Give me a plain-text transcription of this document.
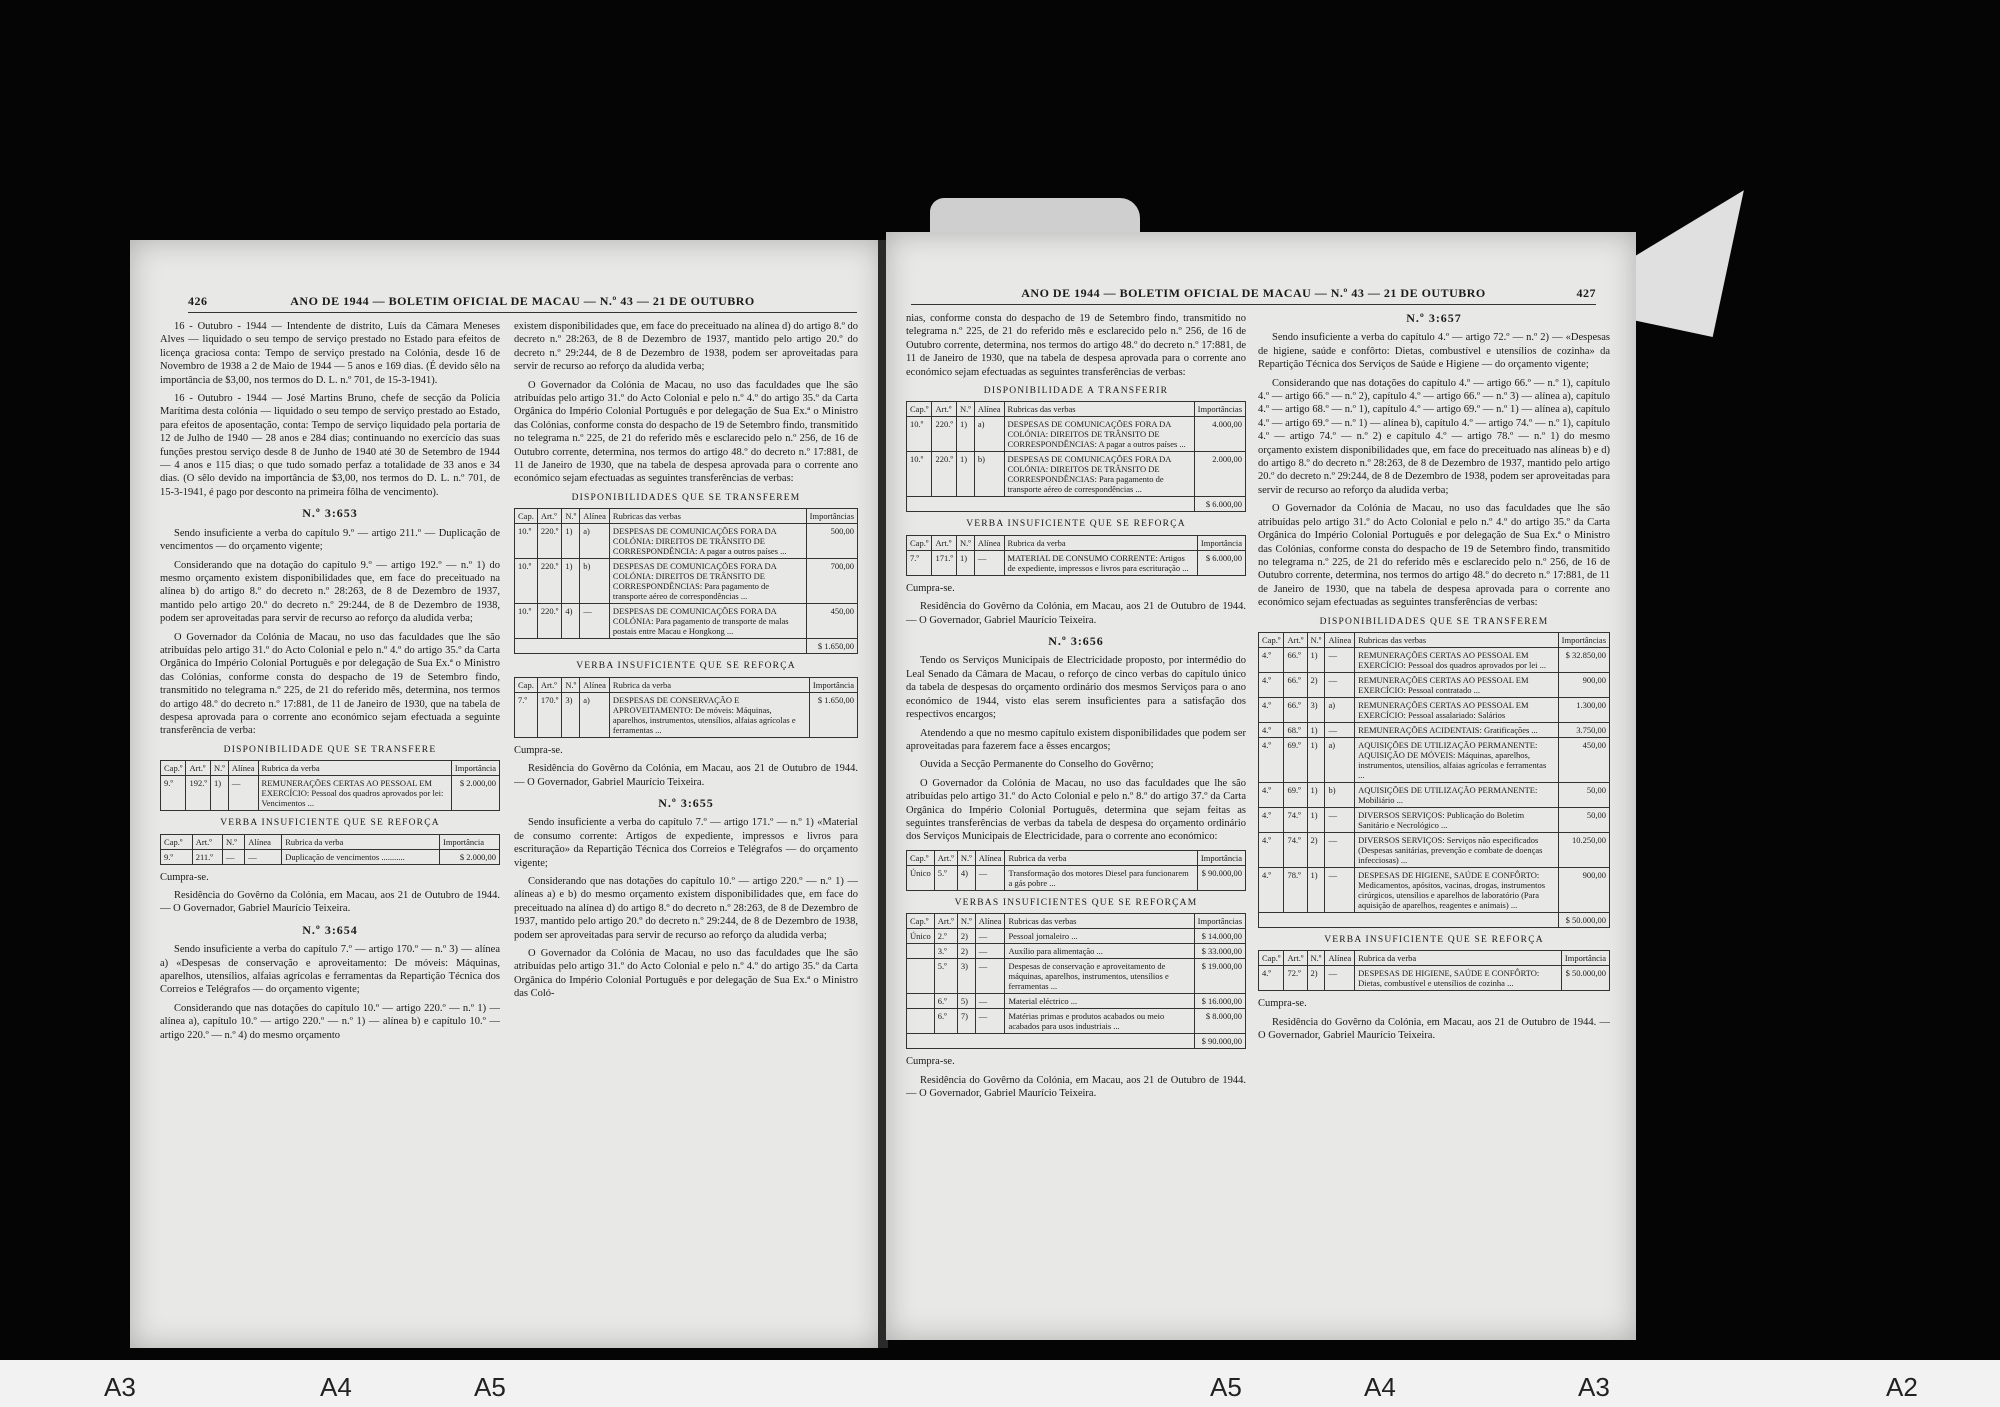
426	ANO DE 1944 — BOLETIM OFICIAL DE MACAU — N.º 43 — 21 DE OUTUBRO

16 - Outubro - 1944 — Intendente de distrito, Luís da Câmara Meneses Alves — liquidado o seu tempo de serviço prestado no Estado para efeitos de licença graciosa conta: Tempo de serviço prestado na Colónia, desde 16 de Novembro de 1938 a 2 de Maio de 1944 — 5 anos e 169 dias. (É devido sêlo na importância de $3,00, nos termos do D. L. n.º 701, de 15-3-1941).

16 - Outubro - 1944 — José Martins Bruno, chefe de secção da Polícia Marítima desta colónia — liquidado o seu tempo de serviço prestado ao Estado, para efeitos de aposentação, conta: Tempo de serviço liquidado pela portaria de 12 de Julho de 1940 — 28 anos e 284 dias; continuando no exercício das suas funções prestou serviço desde 8 de Junho de 1940 até 30 de Setembro de 1944 — 4 anos e 115 dias; o que tudo somado perfaz a totalidade de 33 anos e 34 dias. (O sêlo devido na importância de $3,00, nos termos do D. L. n.º 701, de 15-3-1941, é pago por desconto na primeira fôlha de vencimento).

N.º 3:653

Sendo insuficiente a verba do capítulo 9.º — artigo 211.º — Duplicação de vencimentos — do orçamento vigente;

Considerando que na dotação do capítulo 9.º — artigo 192.º — n.º 1) do mesmo orçamento existem disponibilidades que, em face do preceituado na alínea b) do artigo 8.º do decreto n.º 28:263, de 8 de Dezembro de 1937, mantido pelo artigo 20.º do decreto n.º 29:244, de 8 de Dezembro de 1938, podem ser aproveitadas para servir de recurso ao reforço da aludida verba;

O Governador da Colónia de Macau, no uso das faculdades que lhe são atribuídas pelo artigo 31.º do Acto Colonial e pelo n.º 4.º do artigo 35.º da Carta Orgânica do Império Colonial Português e por delegação de Sua Ex.ª o Ministro das Colónias, conforme consta do despacho de 19 de Setembro findo, transmitido no telegrama n.º 225, de 21 do referido mês, determina, nos termos do artigo 48.º do decreto n.º 17:881, de 11 de Janeiro de 1930, que na tabela de despesa aprovada para o corrente ano económico sejam efectuada a seguinte transferência de verba:

DISPONIBILIDADE QUE SE TRANSFERE
Cap.º	Art.º	N.º	Alínea	Rubrica da verba	Importância
9.º	192.º	1)	—	REMUNERAÇÕES CERTAS AO PESSOAL EM EXERCÍCIO: Pessoal dos quadros aprovados por lei: Vencimentos ...	$ 2.000,00
VERBA INSUFICIENTE QUE SE REFORÇA
Cap.º	Art.º	N.º	Alínea	Rubrica da verba	Importância
9.º	211.º	—	—	Duplicação de vencimentos ...........	$ 2.000,00

Cumpra-se.

Residência do Govêrno da Colónia, em Macau, aos 21 de Outubro de 1944. — O Governador, Gabriel Maurício Teixeira.

N.º 3:654

Sendo insuficiente a verba do capítulo 7.º — artigo 170.º — n.º 3) — alínea a) «Despesas de conservação e aproveitamento: De móveis: Máquinas, aparelhos, utensílios, alfaias agrícolas e ferramentas da Repartição Técnica dos Correios e Telégrafos — do orçamento vigente;

Considerando que nas dotações do capítulo 10.º — artigo 220.º — n.º 1) — alínea a), capítulo 10.º — artigo 220.º — n.º 1) — alínea b) e capítulo 10.º — artigo 220.º — n.º 4) do mesmo orçamento

existem disponibilidades que, em face do preceituado na alínea d) do artigo 8.º do decreto n.º 28:263, de 8 de Dezembro de 1937, mantido pelo artigo 20.º do decreto n.º 29:244, de 8 de Dezembro de 1938, podem ser aproveitadas para servir de recurso ao reforço da aludida verba;

O Governador da Colónia de Macau, no uso das faculdades que lhe são atribuídas pelo artigo 31.º do Acto Colonial e pelo n.º 4.º do artigo 35.º da Carta Orgânica do Império Colonial Português e por delegação de Sua Ex.ª o Ministro das Colónias, conforme consta do despacho de 19 de Setembro findo, transmitido no telegrama n.º 225, de 21 do referido mês e esclarecido pelo n.º 256, de 16 de Outubro corrente, determina, nos termos do artigo 48.º do decreto n.º 17:881, de 11 de Janeiro de 1930, que na tabela de despesa aprovada para o corrente ano económico sejam efectuadas as seguintes transferências de verbas:

DISPONIBILIDADES QUE SE TRANSFEREM
Cap.	Art.º	N.º	Alínea	Rubricas das verbas	Importâncias
10.º	220.º	1)	a)	DESPESAS DE COMUNICAÇÕES FORA DA COLÓNIA: DIREITOS DE TRÂNSITO DE CORRESPONDÊNCIA: A pagar a outros países ...	500,00
10.º	220.º	1)	b)	DESPESAS DE COMUNICAÇÕES FORA DA COLÓNIA: DIREITOS DE TRÂNSITO DE CORRESPONDÊNCIAS: Para pagamento de transporte aéreo de correspondências ...	700,00
10.º	220.º	4)	—	DESPESAS DE COMUNICAÇÕES FORA DA COLÓNIA: Para pagamento de transporte de malas postais entre Macau e Hongkong ...	450,00
					$ 1.650,00
VERBA INSUFICIENTE QUE SE REFORÇA
Cap.	Art.º	N.º	Alínea	Rubrica da verba	Importância
7.º	170.º	3)	a)	DESPESAS DE CONSERVAÇÃO E APROVEITAMENTO: De móveis: Máquinas, aparelhos, instrumentos, utensílios, alfaias agrícolas e ferramentas ...	$ 1.650,00

Cumpra-se.

Residência do Govêrno da Colónia, em Macau, aos 21 de Outubro de 1944. — O Governador, Gabriel Maurício Teixeira.

N.º 3:655

Sendo insuficiente a verba do capítulo 7.º — artigo 171.º — n.º 1) «Material de consumo corrente: Artigos de expediente, impressos e livros para escrituração» da Repartição Técnica dos Correios e Telégrafos — do orçamento vigente;

Considerando que nas dotações do capítulo 10.º — artigo 220.º — n.º 1) — alíneas a) e b) do mesmo orçamento existem disponibilidades que, em face do preceituado na alínea d) do artigo 8.º do decreto n.º 28:263, de 8 de Dezembro de 1937, mantido pelo artigo 20.º do decreto n.º 29:244, de 8 de Dezembro de 1938, podem ser aproveitadas para servir de recurso ao reforço da aludida verba;

O Governador da Colónia de Macau, no uso das faculdades que lhe são atribuídas pelo artigo 31.º do Acto Colonial e pelo n.º 4.º do artigo 35.º da Carta Orgânica do Império Colonial Português e por delegação de Sua Ex.ª o Ministro das Coló-

ANO DE 1944 — BOLETIM OFICIAL DE MACAU — N.º 43 — 21 DE OUTUBRO	427

nias, conforme consta do despacho de 19 de Setembro findo, transmitido no telegrama n.º 225, de 21 do referido mês e esclarecido pelo n.º 256, de 16 de Outubro corrente, determina, nos termos do artigo 48.º do decreto n.º 17:881, de 11 de Janeiro de 1930, que na tabela de despesa aprovada para o corrente ano económico sejam efectuadas as seguintes transferências de verbas:

DISPONIBILIDADE A TRANSFERIR
Cap.º	Art.º	N.º	Alínea	Rubricas das verbas	Importâncias
10.º	220.º	1)	a)	DESPESAS DE COMUNICAÇÕES FORA DA COLÓNIA: DIREITOS DE TRÂNSITO DE CORRESPONDÊNCIAS: A pagar a outros países ...	4.000,00
10.º	220.º	1)	b)	DESPESAS DE COMUNICAÇÕES FORA DA COLÓNIA: DIREITOS DE TRÂNSITO DE CORRESPONDÊNCIAS: Para pagamento de transporte aéreo de correspondências ...	2.000,00
					$ 6.000,00
VERBA INSUFICIENTE QUE SE REFORÇA
Cap.º	Art.º	N.º	Alínea	Rubrica da verba	Importância
7.º	171.º	1)	—	MATERIAL DE CONSUMO CORRENTE: Artigos de expediente, impressos e livros para escrituração ...	$ 6.000,00

Cumpra-se.

Residência do Govêrno da Colónia, em Macau, aos 21 de Outubro de 1944. — O Governador, Gabriel Maurício Teixeira.

N.º 3:656

Tendo os Serviços Municipais de Electricidade proposto, por intermédio do Leal Senado da Câmara de Macau, o reforço de cinco verbas do capítulo único da tabela de despesas do orçamento ordinário dos mesmos Serviços para o ano económico de 1944, visto elas serem insuficientes para a satisfação dos respectivos encargos;

Atendendo a que no mesmo capítulo existem disponibilidades que podem ser aproveitadas para fazerem face a êsses encargos;

Ouvida a Secção Permanente do Conselho do Govêrno;

O Governador da Colónia de Macau, no uso das faculdades que lhe são atribuídas pelo artigo 31.º do Acto Colonial e pelo n.º 8.º do artigo 37.º da Carta Orgânica do Império Colonial Português, determina que sejam feitas as seguintes transferências de verbas da tabela de despesa do orçamento ordinário dos Serviços Municipais de Electricidade, para o corrente ano económico:

Cap.º	Art.º	N.º	Alínea	Rubrica da verba	Importância
Único	5.º	4)	—	Transformação dos motores Diesel para funcionarem a gás pobre ...	$ 90.000,00
VERBAS INSUFICIENTES QUE SE REFORÇAM
Cap.º	Art.º	N.º	Alínea	Rubricas das verbas	Importâncias
Único	2.º	2)	—	Pessoal jornaleiro ...	$ 14.000,00
	3.º	2)	—	Auxílio para alimentação ...	$ 33.000,00
	5.º	3)	—	Despesas de conservação e aproveitamento de máquinas, aparelhos, instrumentos, utensílios e ferramentas ...	$ 19.000,00
	6.º	5)	—	Material eléctrico ...	$ 16.000,00
	6.º	7)	—	Matérias primas e produtos acabados ou meio acabados para usos industriais ...	$ 8.000,00
					$ 90.000,00

Cumpra-se.

Residência do Govêrno da Colónia, em Macau, aos 21 de Outubro de 1944. — O Governador, Gabriel Maurício Teixeira.

N.º 3:657

Sendo insuficiente a verba do capítulo 4.º — artigo 72.º — n.º 2) — «Despesas de higiene, saúde e confôrto: Dietas, combustível e utensílios de cozinha» da Repartição Técnica dos Serviços de Saúde e Higiene — do orçamento vigente;

Considerando que nas dotações do capítulo 4.º — artigo 66.º — n.º 1), capítulo 4.º — artigo 66.º — n.º 2), capítulo 4.º — artigo 66.º — n.º 3) — alínea a), capítulo 4.º — artigo 68.º — n.º 1), capítulo 4.º — artigo 69.º — n.º 1) — alínea a), capítulo 4.º — artigo 69.º — n.º 1) — alínea b), capítulo 4.º — artigo 74.º — n.º 1), capítulo 4.º — artigo 74.º — n.º 2) e capítulo 4.º — artigo 78.º — n.º 1) do mesmo orçamento existem disponibilidades que, em face do preceituado nas alíneas b) e d) do artigo 8.º do decreto n.º 28:263, de 8 de Dezembro de 1937, mantido pelo artigo 20.º do decreto n.º 29:244, de 8 de Dezembro de 1938, podem ser aproveitadas para servir de recurso ao reforço da aludida verba;

O Governador da Colónia de Macau, no uso das faculdades que lhe são atribuídas pelo artigo 31.º do Acto Colonial e pelo n.º 4.º do artigo 35.º da Carta Orgânica do Império Colonial Português e por delegação de Sua Ex.ª o Ministro das Colónias, conforme consta do despacho de 19 de Setembro findo, transmitido no telegrama n.º 225, de 21 do referido mês e esclarecido pelo n.º 256, de 16 de Outubro corrente, determina, nos termos do artigo 48.º do decreto n.º 17:881, de 11 de Janeiro de 1930, que na tabela de despesa aprovada para o corrente ano económico sejam efectuadas as seguintes transferências de verbas:

DISPONIBILIDADES QUE SE TRANSFEREM
Cap.º	Art.º	N.º	Alínea	Rubricas das verbas	Importâncias
4.º	66.º	1)	—	REMUNERAÇÕES CERTAS AO PESSOAL EM EXERCÍCIO: Pessoal dos quadros aprovados por lei ...	$ 32.850,00
4.º	66.º	2)	—	REMUNERAÇÕES CERTAS AO PESSOAL EM EXERCÍCIO: Pessoal contratado ...	900,00
4.º	66.º	3)	a)	REMUNERAÇÕES CERTAS AO PESSOAL EM EXERCÍCIO: Pessoal assalariado: Salários	1.300,00
4.º	68.º	1)	—	REMUNERAÇÕES ACIDENTAIS: Gratificações ...	3.750,00
4.º	69.º	1)	a)	AQUISIÇÕES DE UTILIZAÇÃO PERMANENTE: AQUISIÇÃO DE MÓVEIS: Máquinas, aparelhos, instrumentos, utensílios, alfaias agrícolas e ferramentas ...	450,00
4.º	69.º	1)	b)	AQUISIÇÕES DE UTILIZAÇÃO PERMANENTE: Mobiliário ...	50,00
4.º	74.º	1)	—	DIVERSOS SERVIÇOS: Publicação do Boletim Sanitário e Necrológico ...	50,00
4.º	74.º	2)	—	DIVERSOS SERVIÇOS: Serviços não especificados (Despesas sanitárias, prevenção e combate de doenças infecciosas) ...	10.250,00
4.º	78.º	1)	—	DESPESAS DE HIGIENE, SAÚDE E CONFÔRTO: Medicamentos, apósitos, vacinas, drogas, instrumentos cirúrgicos, utensílios e aparelhos de laboratório (Para aquisição de aparelhos, reagentes e animais) ...	900,00
					$ 50.000,00
VERBA INSUFICIENTE QUE SE REFORÇA
Cap.º	Art.º	N.º	Alínea	Rubrica da verba	Importância
4.º	72.º	2)	—	DESPESAS DE HIGIENE, SAÚDE E CONFÔRTO: Dietas, combustível e utensílios de cozinha ...	$ 50.000,00

Cumpra-se.

Residência do Govêrno da Colónia, em Macau, aos 21 de Outubro de 1944. — O Governador, Gabriel Maurício Teixeira.

A3	A4	A5	A5	A4	A3	A2
